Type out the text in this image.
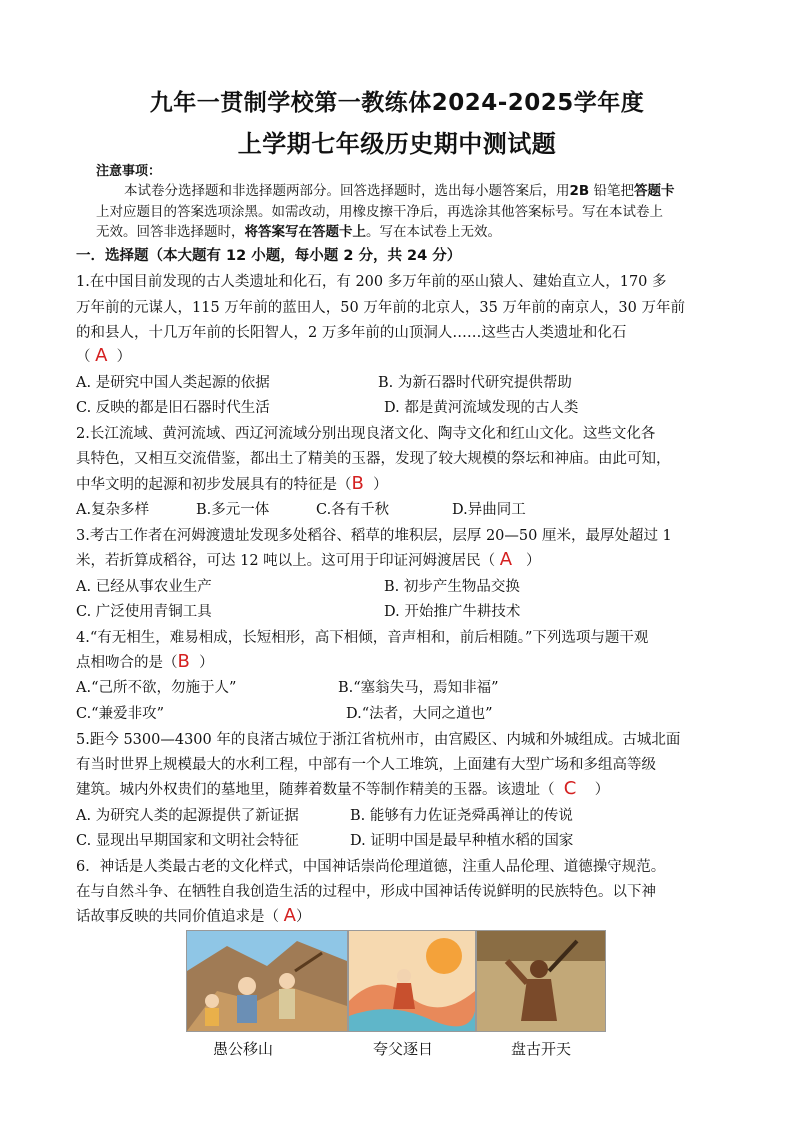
九年一贯制学校第一教练体2024-2025学年度
上学期七年级历史期中测试题
注意事项：
本试卷分选择题和非选择题两部分。回答选择题时，选出每小题答案后，用2B 铅笔把答题卡
上对应题目的答案选项涂黑。如需改动，用橡皮擦干净后，再选涂其他答案标号。写在本试卷上
无效。回答非选择题时，将答案写在答题卡上。写在本试卷上无效。
一．选择题（本大题有 12 小题，每小题 2 分，共 24 分）
1.在中国目前发现的古人类遗址和化石，有 200 多万年前的巫山猿人、建始直立人，170 多
万年前的元谋人，115 万年前的蓝田人，50 万年前的北京人，35 万年前的南京人，30 万年前
的和县人，十几万年前的长阳智人，2 万多年前的山顶洞人……这些古人类遗址和化石
（ A ）
A. 是研究中国人类起源的依据	B. 为新石器时代研究提供帮助
C. 反映的都是旧石器时代生活	D. 都是黄河流域发现的古人类
2.长江流域、黄河流域、西辽河流域分别出现良渚文化、陶寺文化和红山文化。这些文化各
具特色，又相互交流借鉴，都出土了精美的玉器，发现了较大规模的祭坛和神庙。由此可知，
中华文明的起源和初步发展具有的特征是（B ）
A.复杂多样	B.多元一体	C.各有千秋	D.异曲同工
3.考古工作者在河姆渡遗址发现多处稻谷、稻草的堆积层，层厚 20—50 厘米，最厚处超过 1
米，若折算成稻谷，可达 12 吨以上。这可用于印证河姆渡居民（ A ）
A. 已经从事农业生产	B. 初步产生物品交换
C. 广泛使用青铜工具	D. 开始推广牛耕技术
4.“有无相生，难易相成，长短相形，高下相倾，音声相和，前后相随。”下列选项与题干观
点相吻合的是（B ）
A.“己所不欲，勿施于人”	B.“塞翁失马，焉知非福”
C.“兼爱非攻”	D.“法者，大同之道也”
5.距今 5300—4300 年的良渚古城位于浙江省杭州市，由宫殿区、内城和外城组成。古城北面
有当时世界上规模最大的水利工程，中部有一个人工堆筑，上面建有大型广场和多组高等级
建筑。城内外权贵们的墓地里，随葬着数量不等制作精美的玉器。该遗址（ C ）
A. 为研究人类的起源提供了新证据	B. 能够有力佐证尧舜禹禅让的传说
C. 显现出早期国家和文明社会特征	D. 证明中国是最早种植水稻的国家
6．神话是人类最古老的文化样式，中国神话崇尚伦理道德，注重人品伦理、道德操守规范。
在与自然斗争、在牺牲自我创造生活的过程中，形成中国神话传说鲜明的民族特色。以下神
话故事反映的共同价值追求是（ A）
愚公移山	夸父逐日	盘古开天
